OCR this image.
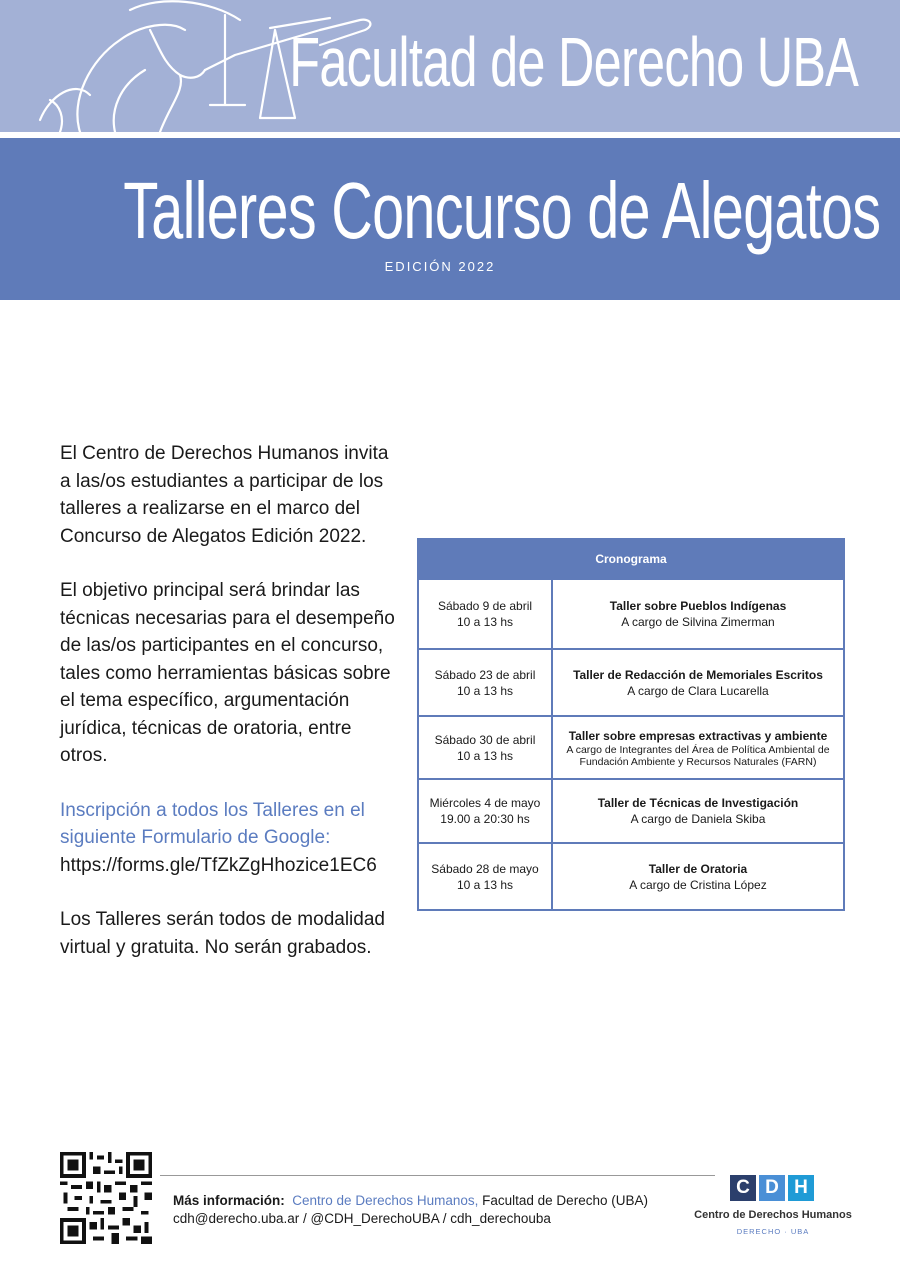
Facultad de Derecho UBA
Talleres Concurso de Alegatos
EDICIÓN 2022

El Centro de Derechos Humanos invita a las/os estudiantes a participar de los talleres a realizarse en el marco del Concurso de Alegatos Edición 2022.

El objetivo principal será brindar las técnicas necesarias para el desempeño de las/os participantes en el concurso, tales como herramientas básicas sobre el tema específico, argumentación jurídica, técnicas de oratoria, entre otros.

Inscripción a todos los Talleres en el siguiente Formulario de Google:
https://forms.gle/TfZkZgHhozice1EC6

Los Talleres serán todos de modalidad virtual y gratuita. No serán grabados.

Cronograma	

Sábado 9 de abril
10 a 13 hs	Taller sobre Pueblos Indígenas
A cargo de Silvina Zimerman

Sábado 23 de abril
10 a 13 hs	Taller de Redacción de Memoriales Escritos
A cargo de Clara Lucarella

Sábado 30 de abril
10 a 13 hs	Taller sobre empresas extractivas y ambiente
A cargo de Integrantes del Área de Política Ambiental de Fundación Ambiente y Recursos Naturales (FARN)

Miércoles 4 de mayo
19.00 a 20:30 hs	Taller de Técnicas de Investigación
A cargo de Daniela Skiba

Sábado 28 de mayo
10 a 13 hs	Taller de Oratoria
A cargo de Cristina López
Más información: Centro de Derechos Humanos, Facultad de Derecho (UBA)
cdh@derecho.uba.ar / @CDH_DerechoUBA / cdh_derechouba
C D H
Centro de Derechos Humanos
DERECHO · UBA
